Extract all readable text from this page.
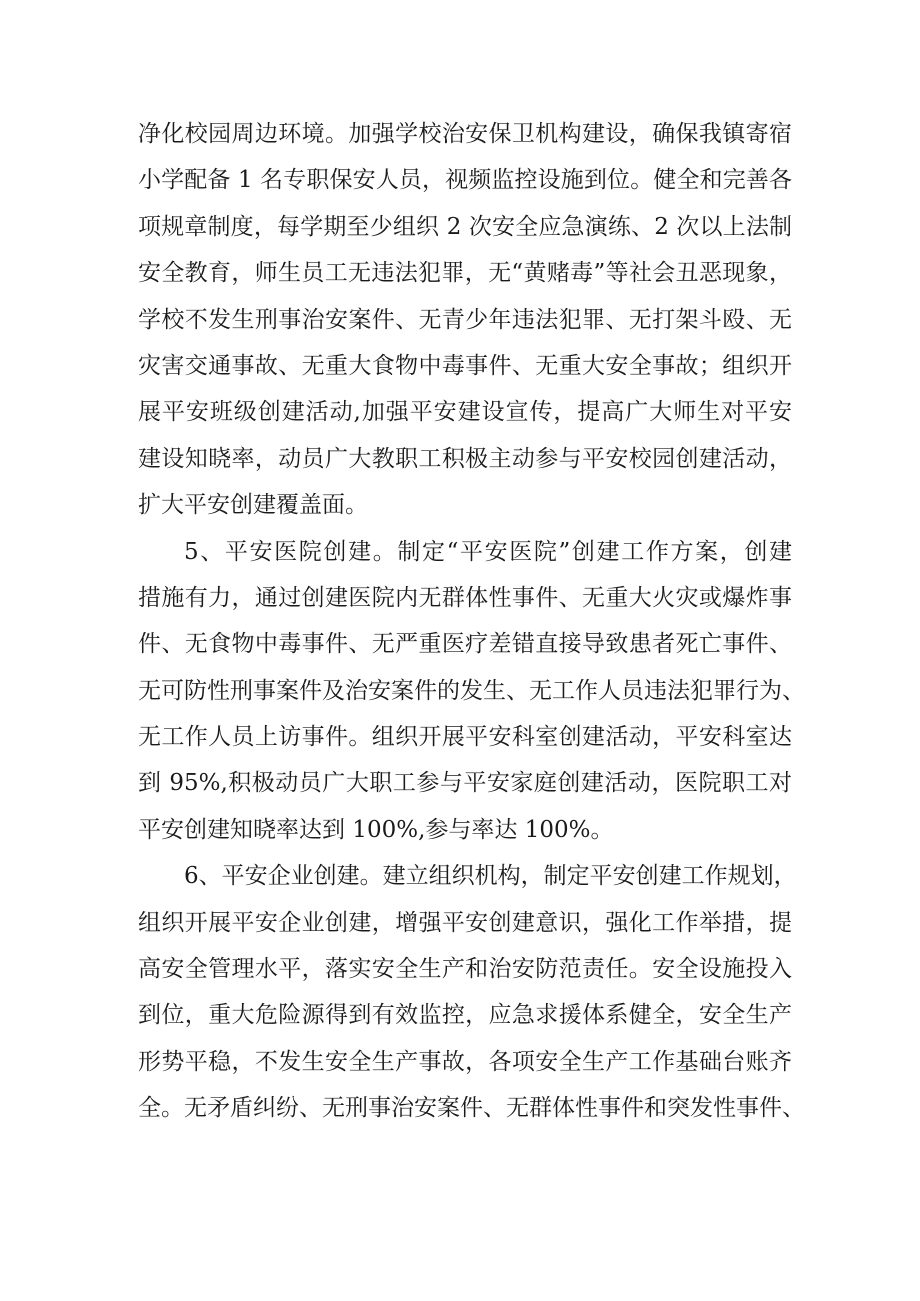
净化校园周边环境。加强学校治安保卫机构建设，确保我镇寄宿
小学配备 1 名专职保安人员，视频监控设施到位。健全和完善各
项规章制度，每学期至少组织 2 次安全应急演练、2 次以上法制
安全教育，师生员工无违法犯罪，无“黄赌毒”等社会丑恶现象，
学校不发生刑事治安案件、无青少年违法犯罪、无打架斗殴、无
灾害交通事故、无重大食物中毒事件、无重大安全事故；组织开
展平安班级创建活动,加强平安建设宣传，提高广大师生对平安
建设知晓率，动员广大教职工积极主动参与平安校园创建活动，
扩大平安创建覆盖面。
5、平安医院创建。制定“平安医院”创建工作方案，创建
措施有力，通过创建医院内无群体性事件、无重大火灾或爆炸事
件、无食物中毒事件、无严重医疗差错直接导致患者死亡事件、
无可防性刑事案件及治安案件的发生、无工作人员违法犯罪行为、
无工作人员上访事件。组织开展平安科室创建活动，平安科室达
到 95%,积极动员广大职工参与平安家庭创建活动，医院职工对
平安创建知晓率达到 100%,参与率达 100%。
6、平安企业创建。建立组织机构，制定平安创建工作规划，
组织开展平安企业创建，增强平安创建意识，强化工作举措，提
高安全管理水平，落实安全生产和治安防范责任。安全设施投入
到位，重大危险源得到有效监控，应急求援体系健全，安全生产
形势平稳，不发生安全生产事故，各项安全生产工作基础台账齐
全。无矛盾纠纷、无刑事治安案件、无群体性事件和突发性事件、
